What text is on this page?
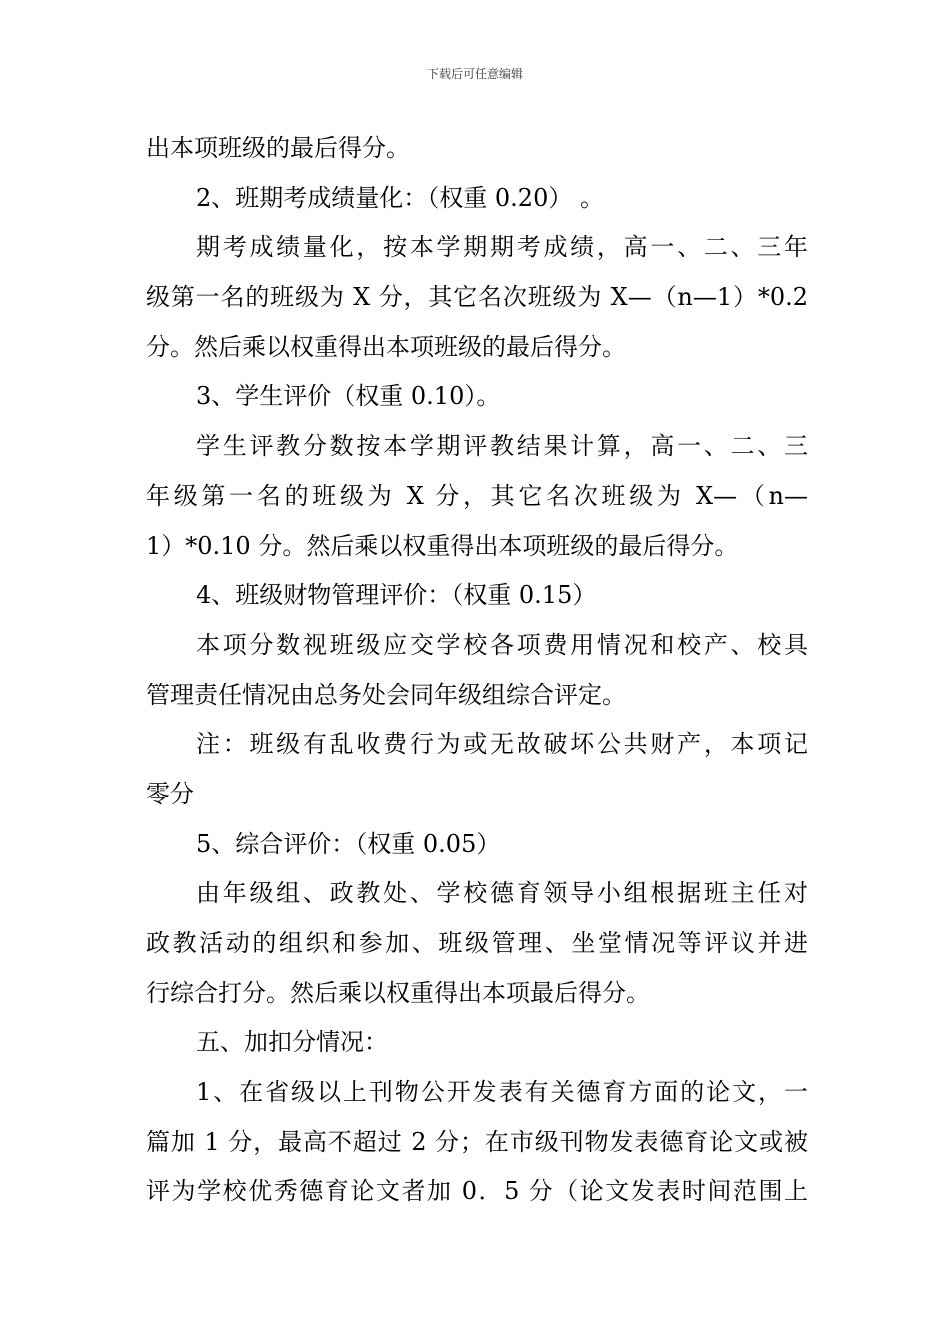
下载后可任意编辑
出本项班级的最后得分。
2、班期考成绩量化：（权重 0.20） 。
期考成绩量化，按本学期期考成绩，高一、二、三年
级第一名的班级为 X 分，其它名次班级为 X—（n—1）*0.2
分。然后乘以权重得出本项班级的最后得分。
3、学生评价（权重 0.10）。
学生评教分数按本学期评教结果计算，高一、二、三
年级第一名的班级为 X 分，其它名次班级为 X—（n—
1）*0.10 分。然后乘以权重得出本项班级的最后得分。
4、班级财物管理评价：（权重 0.15）
本项分数视班级应交学校各项费用情况和校产、校具
管理责任情况由总务处会同年级组综合评定。
注：班级有乱收费行为或无故破坏公共财产，本项记
零分
5、综合评价：（权重 0.05）
由年级组、政教处、学校德育领导小组根据班主任对
政教活动的组织和参加、班级管理、坐堂情况等评议并进
行综合打分。然后乘以权重得出本项最后得分。
五、加扣分情况：
1、在省级以上刊物公开发表有关德育方面的论文，一
篇加 1 分，最高不超过 2 分；在市级刊物发表德育论文或被
评为学校优秀德育论文者加 0．5 分（论文发表时间范围上
